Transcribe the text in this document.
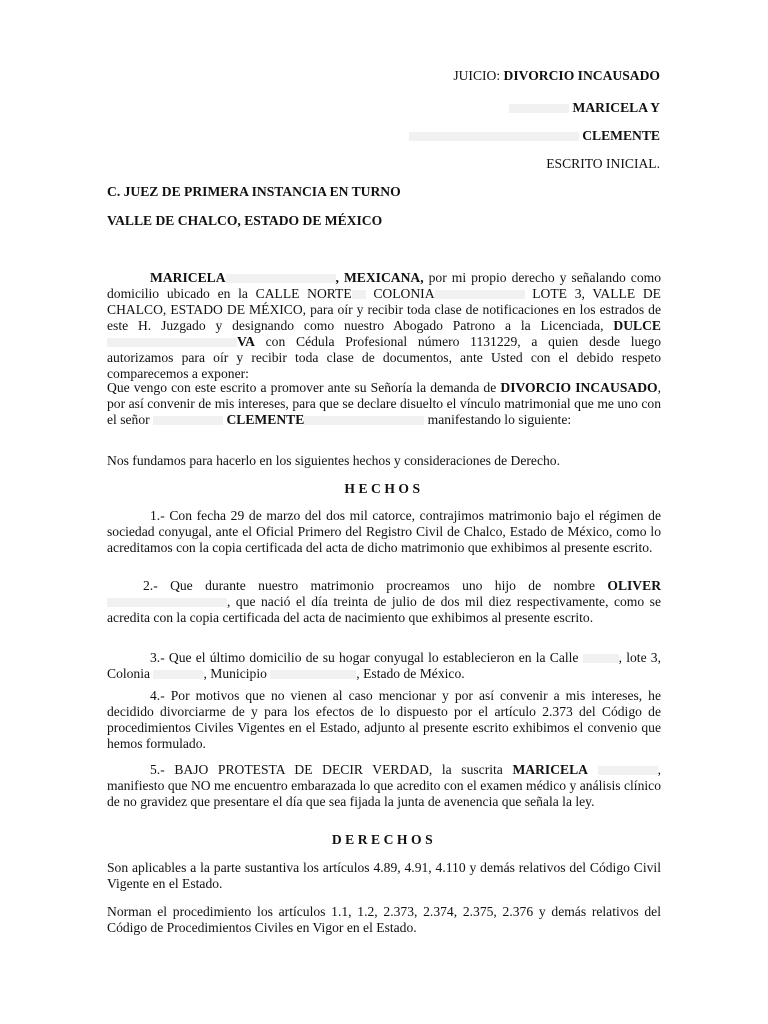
JUICIO: DIVORCIO INCAUSADO
MARICELA Y
CLEMENTE
ESCRITO INICIAL.
C. JUEZ DE PRIMERA INSTANCIA EN TURNO
VALLE DE CHALCO, ESTADO DE MÉXICO

MARICELA	, MEXICANA, por mi propio derecho y señalando como domicilio ubicado en la CALLE NORTE COLONIA	LOTE 3, VALLE DE CHALCO, ESTADO DE MÉXICO, para oír y recibir toda clase de notificaciones en los estrados de este H. Juzgado y designando como nuestro Abogado Patrono a la Licenciada, DULCEVA con Cédula Profesional número 1131229, a quien desde luego autorizamos para oír y recibir toda clase de documentos, ante Usted con el debido respeto comparecemos a exponer:

Que vengo con este escrito a promover ante su Señoría la demanda de DIVORCIO INCAUSADO, por así convenir de mis intereses, para que se declare disuelto el vínculo matrimonial que me uno con el señor	CLEMENTE	manifestando lo siguiente:

Nos fundamos para hacerlo en los siguientes hechos y consideraciones de Derecho.
HECHOS

1.- Con fecha 29 de marzo del dos mil catorce, contrajimos matrimonio bajo el régimen de sociedad conyugal, ante el Oficial Primero del Registro Civil de Chalco, Estado de México, como lo acreditamos con la copia certificada del acta de dicho matrimonio que exhibimos al presente escrito.

2.- Que durante nuestro matrimonio procreamos uno hijo de nombre OLIVER , que nació el día treinta de julio de dos mil diez respectivamente, como se acredita con la copia certificada del acta de nacimiento que exhibimos al presente escrito.

3.- Que el último domicilio de su hogar conyugal lo establecieron en la Calle	, lote 3, Colonia	, Municipio	, Estado de México.

4.- Por motivos que no vienen al caso mencionar y por así convenir a mis intereses, he decidido divorciarme de y para los efectos de lo dispuesto por el artículo 2.373 del Código de procedimientos Civiles Vigentes en el Estado, adjunto al presente escrito exhibimos el convenio que hemos formulado.

5.- BAJO PROTESTA DE DECIR VERDAD, la suscrita MARICELA	, manifiesto que NO me encuentro embarazada lo que acredito con el examen médico y análisis clínico de no gravidez que presentare el día que sea fijada la junta de avenencia que señala la ley.

DERECHOS

Son aplicables a la parte sustantiva los artículos 4.89, 4.91, 4.110 y demás relativos del Código Civil Vigente en el Estado.

Norman el procedimiento los artículos 1.1, 1.2, 2.373, 2.374, 2.375, 2.376 y demás relativos del Código de Procedimientos Civiles en Vigor en el Estado.
